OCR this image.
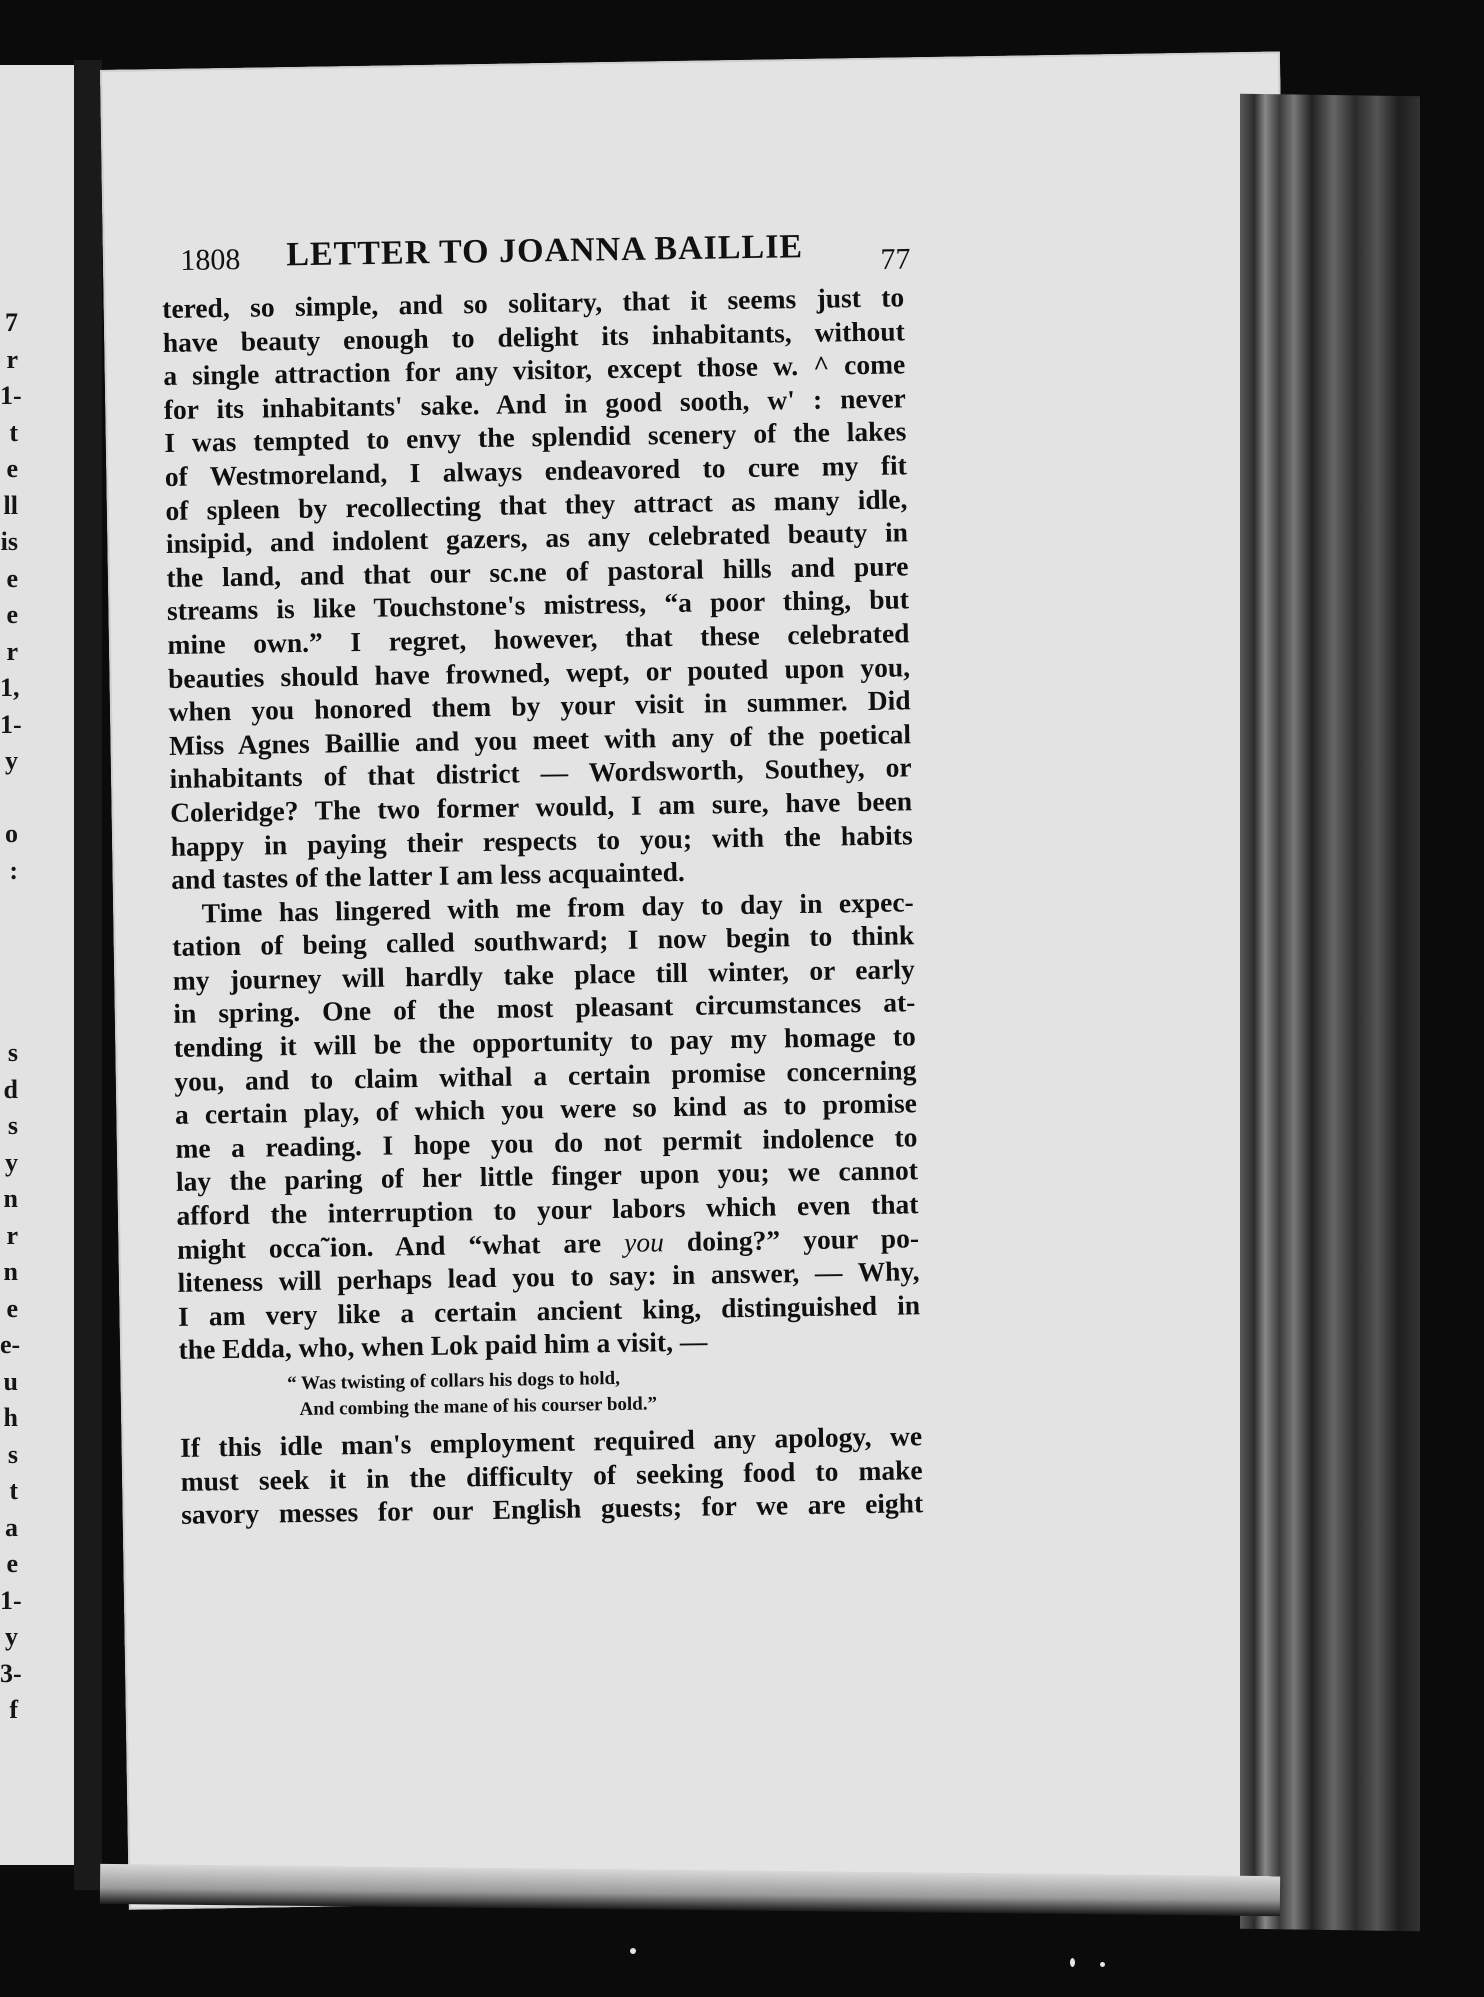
7
r
1-
t
e
ll
is
e
e
r
1,
1-
y
o
:
s
d
s
y
n
r
n
e
e-
u
h
s
t
a
e
1-
y
3-
f
1808 LETTER TO JOANNA BAILLIE	77
tered, so simple, and so solitary, that it seems just to
have beauty enough to delight its inhabitants, without
a single attraction for any visitor, except those w. ^ come
for its inhabitants' sake. And in good sooth, w' : never
I was tempted to envy the splendid scenery of the lakes
of Westmoreland, I always endeavored to cure my fit
of spleen by recollecting that they attract as many idle,
insipid, and indolent gazers, as any celebrated beauty in
the land, and that our sc.ne of pastoral hills and pure
streams is like Touchstone's mistress, “a poor thing, but
mine own.” I regret, however, that these celebrated
beauties should have frowned, wept, or pouted upon you,
when you honored them by your visit in summer. Did
Miss Agnes Baillie and you meet with any of the poetical
inhabitants of that district — Wordsworth, Southey, or
Coleridge? The two former would, I am sure, have been
happy in paying their respects to you; with the habits
and tastes of the latter I am less acquainted.
Time has lingered with me from day to day in expec-
tation of being called southward; I now begin to think
my journey will hardly take place till winter, or early
in spring. One of the most pleasant circumstances at-
tending it will be the opportunity to pay my homage to
you, and to claim withal a certain promise concerning
a certain play, of which you were so kind as to promise
me a reading. I hope you do not permit indolence to
lay the paring of her little finger upon you; we cannot
afford the interruption to your labors which even that
might occa˜ion. And “what are you doing?” your po-
liteness will perhaps lead you to say: in answer, — Why,
I am very like a certain ancient king, distinguished in
the Edda, who, when Lok paid him a visit, —
“ Was twisting of collars his dogs to hold,
And combing the mane of his courser bold.”
If this idle man's employment required any apology, we
must seek it in the difficulty of seeking food to make
savory messes for our English guests; for we are eight
